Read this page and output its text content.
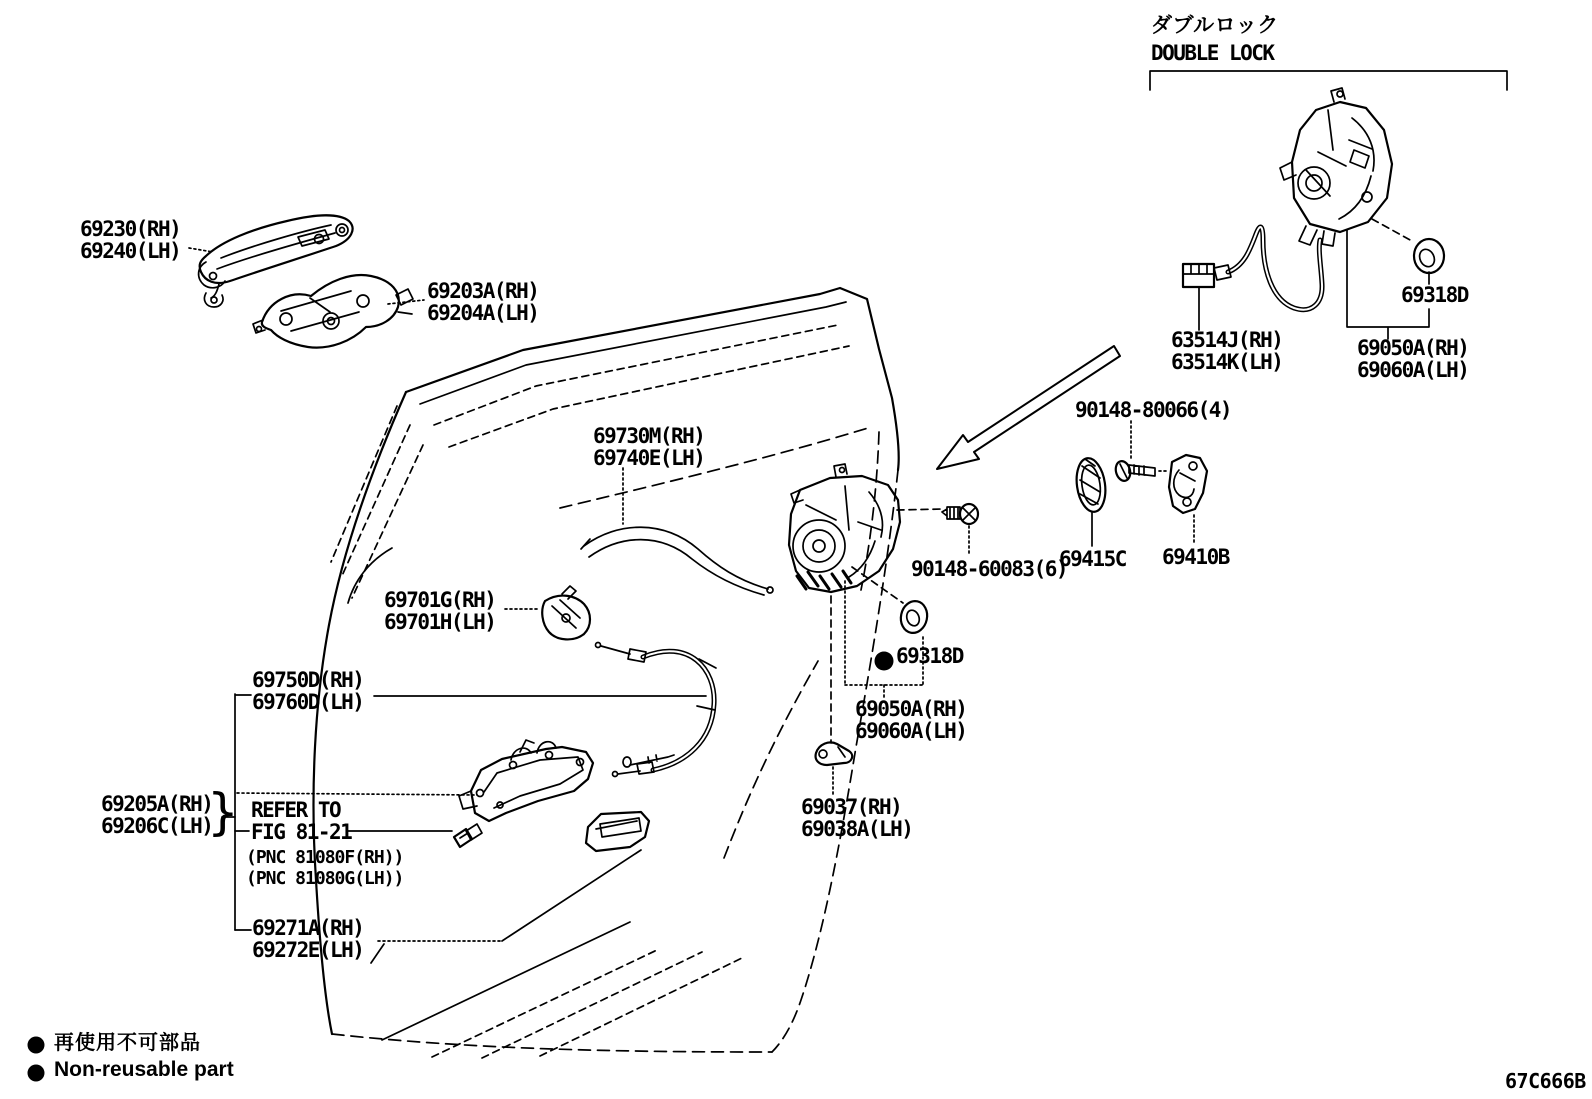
ダブルロック
DOUBLE LOCK
69230(RH)
69240(LH)
69203A(RH)
69204A(LH)
69730M(RH)
69740E(LH)
63514J(RH)
63514K(LH)
69318D
69050A(RH)
69060A(LH)
90148-80066(4)
90148-60083(6)
69415C 69410B
69701G(RH)
69701H(LH)
69750D(RH)
69760D(LH)
69205A(RH)
69206C(LH)
} REFER TO
FIG 81-21
(PNC 81080F(RH))
(PNC 81080G(LH))
69271A(RH)
69272E(LH)
69037(RH)
69038A(LH)
69318D
69050A(RH)
69060A(LH)
再使用不可部品
Non-reusable part	67C666B
